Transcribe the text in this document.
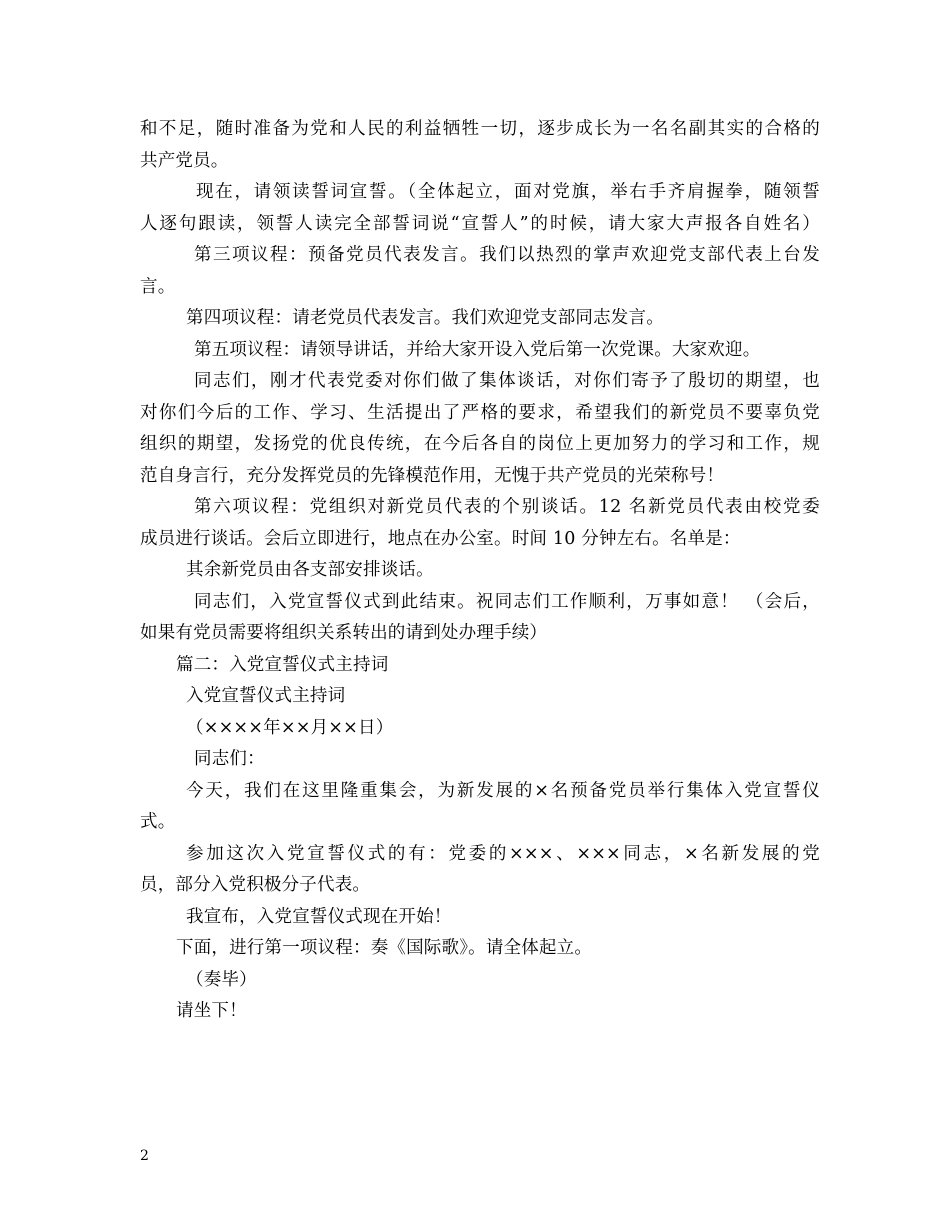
和不足，随时准备为党和人民的利益牺牲一切，逐步成长为一名名副其实的合格的
共产党员。
现在，请领读誓词宣誓。（全体起立，面对党旗，举右手齐肩握拳，随领誓
人逐句跟读，领誓人读完全部誓词说“宣誓人”的时候，请大家大声报各自姓名）
第三项议程：预备党员代表发言。我们以热烈的掌声欢迎党支部代表上台发
言。
第四项议程：请老党员代表发言。我们欢迎党支部同志发言。
第五项议程：请领导讲话，并给大家开设入党后第一次党课。大家欢迎。
同志们，刚才代表党委对你们做了集体谈话，对你们寄予了殷切的期望，也
对你们今后的工作、学习、生活提出了严格的要求，希望我们的新党员不要辜负党
组织的期望，发扬党的优良传统，在今后各自的岗位上更加努力的学习和工作，规
范自身言行，充分发挥党员的先锋模范作用，无愧于共产党员的光荣称号！
第六项议程：党组织对新党员代表的个别谈话。12 名新党员代表由校党委
成员进行谈话。会后立即进行，地点在办公室。时间 10 分钟左右。名单是：
其余新党员由各支部安排谈话。
同志们，入党宣誓仪式到此结束。祝同志们工作顺利，万事如意！ （会后，
如果有党员需要将组织关系转出的请到处办理手续）
篇二：入党宣誓仪式主持词
入党宣誓仪式主持词
（××××年××月××日）
同志们：
今天，我们在这里隆重集会，为新发展的×名预备党员举行集体入党宣誓仪
式。
参加这次入党宣誓仪式的有：党委的×××、×××同志，×名新发展的党
员，部分入党积极分子代表。
我宣布，入党宣誓仪式现在开始！
下面，进行第一项议程：奏《国际歌》。请全体起立。
（奏毕）
请坐下！
2
